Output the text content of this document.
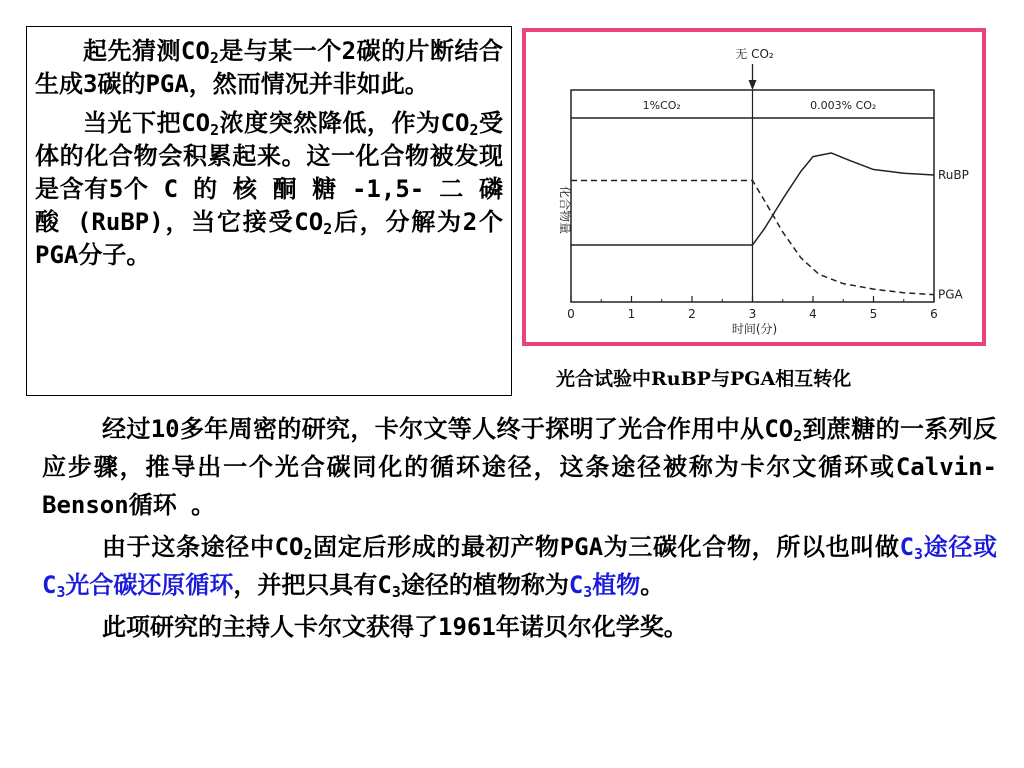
起先猜测$CO_2$是与某一个2碳的片断结合生成3碳的PGA，然而情况并非如此。

当光下把$CO_2$浓度突然降低，作为$CO_2$受体的化合物会积累起来。这一化合物被发现是含有5个 C 的 核 酮 糖 -1,5- 二 磷 酸 (RuBP)，当它接受$CO_2$后，分解为2个PGA分子。

1%CO₂	0.003% CO₂
无 CO₂
0	1	2	3	4	5	6
时间(分)
化合物量
RuBP
PGA
光合试验中RuBP与PGA相互转化

经过10多年周密的研究，卡尔文等人终于探明了光合作用中从$CO_2$到蔗糖的一系列反应步骤，推导出一个光合碳同化的循环途径，这条途径被称为卡尔文循环或Calvin-Benson循环 。

由于这条途径中$CO_2$固定后形成的最初产物PGA为三碳化合物，所以也叫做$C_3$途径或$C_3$光合碳还原循环，并把只具有$C_3$途径的植物称为$C_3$植物。

此项研究的主持人卡尔文获得了1961年诺贝尔化学奖。
